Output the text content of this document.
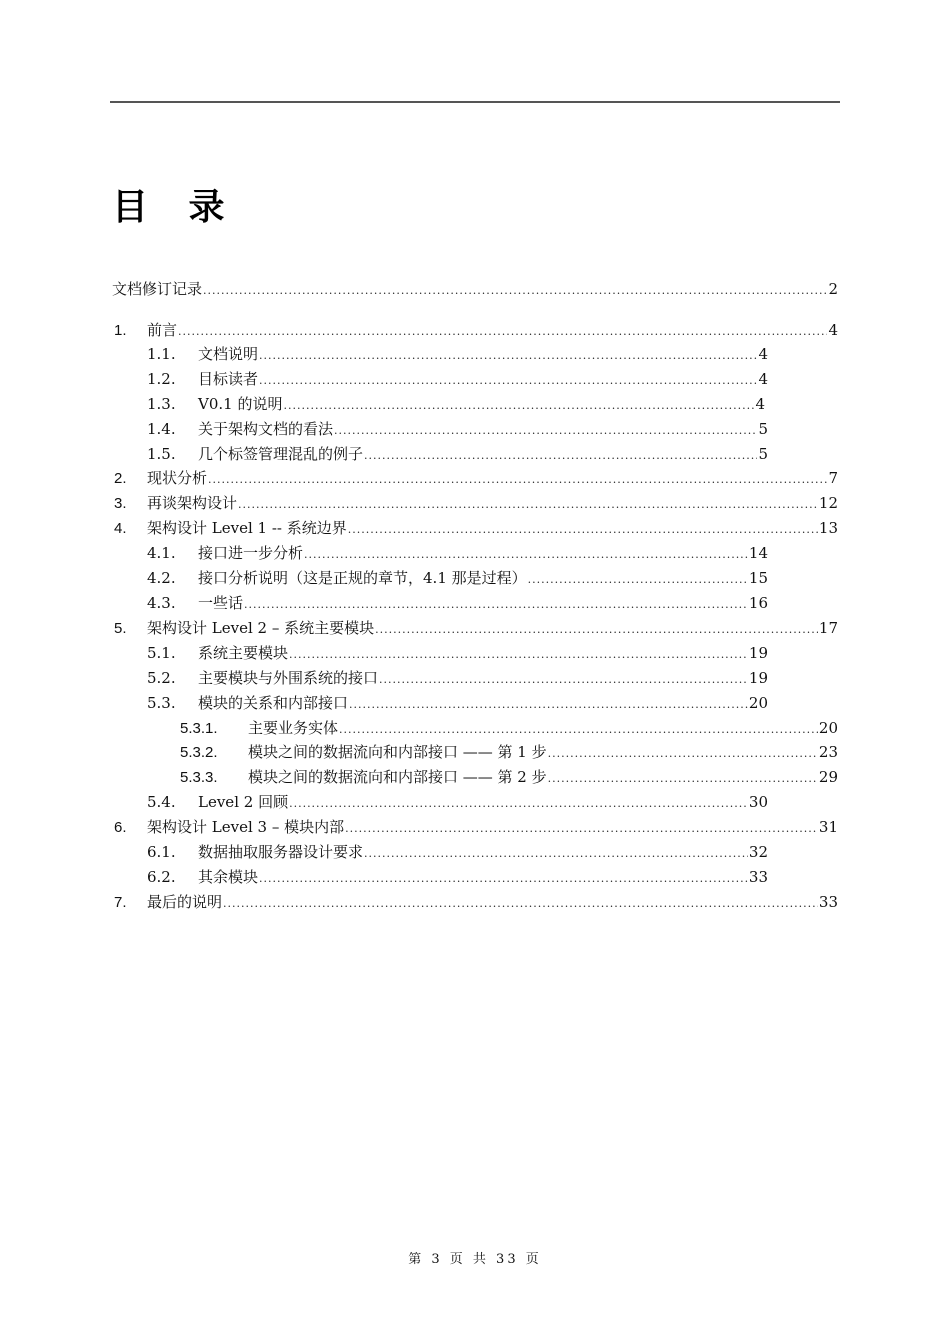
目 录
文档修订记录 .....	2
1.	前言 .....	4
1.1.	文档说明 .....	4
1.2.	目标读者 .....	4
1.3.	V0.1 的说明 .....	4
1.4.	关于架构文档的看法 .....	5
1.5.	几个标签管理混乱的例子 .....	5
2.	现状分析 .....	7
3.	再谈架构设计 .....	12
4.	架构设计 Level 1 -- 系统边界 .....	13
4.1.	接口进一步分析 .....	14
4.2.	接口分析说明（这是正规的章节，4.1 那是过程） .....	15
4.3.	一些话 .....	16
5.	架构设计 Level 2 – 系统主要模块 .....	17
5.1.	系统主要模块 .....	19
5.2.	主要模块与外围系统的接口 .....	19
5.3.	模块的关系和内部接口 .....	20
5.3.1.	主要业务实体 .....	20
5.3.2.	模块之间的数据流向和内部接口 —— 第 1 步 .....	23
5.3.3.	模块之间的数据流向和内部接口 —— 第 2 步 .....	29
5.4.	Level 2 回顾 .....	30
6.	架构设计 Level 3 – 模块内部 .....	31
6.1.	数据抽取服务器设计要求 .....	32
6.2.	其余模块 .....	33
7.	最后的说明 .....	33
第 3 页 共 33 页
